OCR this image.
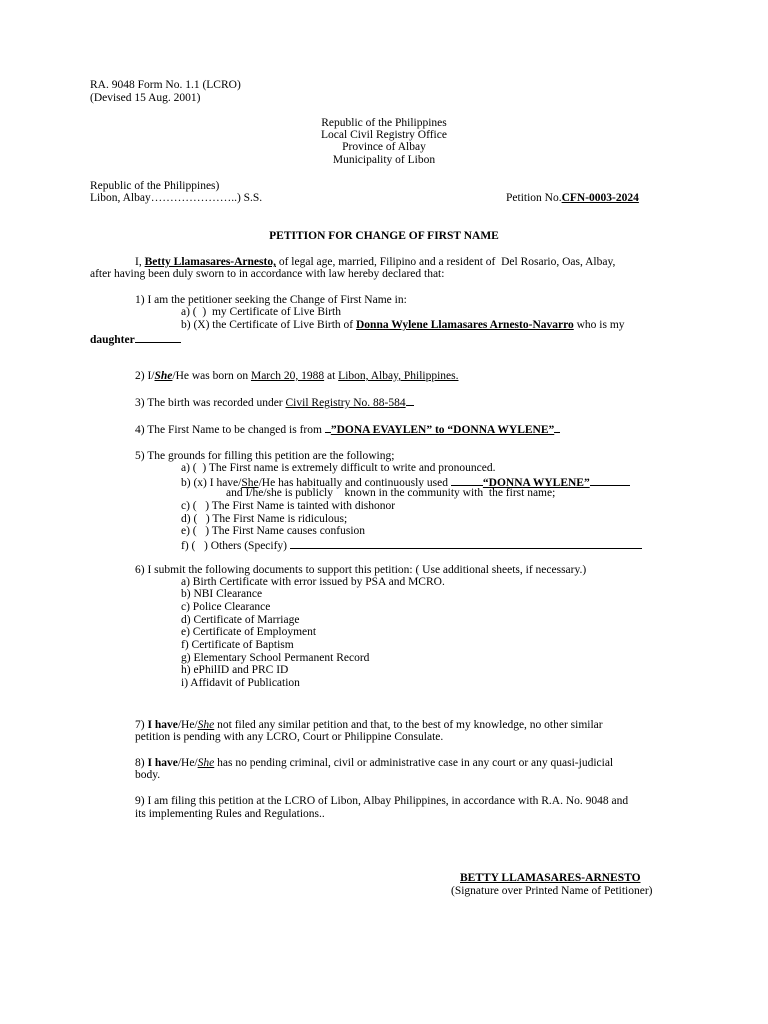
RA. 9048 Form No. 1.1 (LCRO)
(Devised 15 Aug. 2001)
Republic of the Philippines
Local Civil Registry Office
Province of Albay
Municipality of Libon
Republic of the Philippines)
Libon, Albay…………………..) S.S.	Petition No.CFN-0003-2024
PETITION FOR CHANGE OF FIRST NAME
I, Betty Llamasares-Arnesto, of legal age, married, Filipino and a resident of  Del Rosario, Oas, Albay,
after having been duly sworn to in accordance with law hereby declared that:
1) I am the petitioner seeking the Change of First Name in:
a) (  )  my Certificate of Live Birth
b) (X) the Certificate of Live Birth of Donna Wylene Llamasares Arnesto-Navarro who is my
daughter
2) I/She/He was born on March 20, 1988 at Libon, Albay, Philippines.
3) The birth was recorded under Civil Registry No. 88-584
4) The First Name to be changed is from ”DONA EVAYLEN” to “DONNA WYLENE”
5) The grounds for filling this petition are the following;
a) (  ) The First name is extremely difficult to write and pronounced.
b) (x) I have/She/He has habitually and continuously used	“DONNA WYLENE”
and I/he/she is publicly    known in the community with  the first name;
c) (   ) The First Name is tainted with dishonor
d) (   ) The First Name is ridiculous;
e) (   ) The First Name causes confusion
f) (   ) Others (Specify)
6) I submit the following documents to support this petition: ( Use additional sheets, if necessary.)
a) Birth Certificate with error issued by PSA and MCRO.
b) NBI Clearance
c) Police Clearance
d) Certificate of Marriage
e) Certificate of Employment
f) Certificate of Baptism
g) Elementary School Permanent Record
h) ePhilID and PRC ID
i) Affidavit of Publication
7) I have/He/She not filed any similar petition and that, to the best of my knowledge, no other similar
petition is pending with any LCRO, Court or Philippine Consulate.
8) I have/He/She has no pending criminal, civil or administrative case in any court or any quasi-judicial
body.
9) I am filing this petition at the LCRO of Libon, Albay Philippines, in accordance with R.A. No. 9048 and
its implementing Rules and Regulations..
BETTY LLAMASARES-ARNESTO
(Signature over Printed Name of Petitioner)
